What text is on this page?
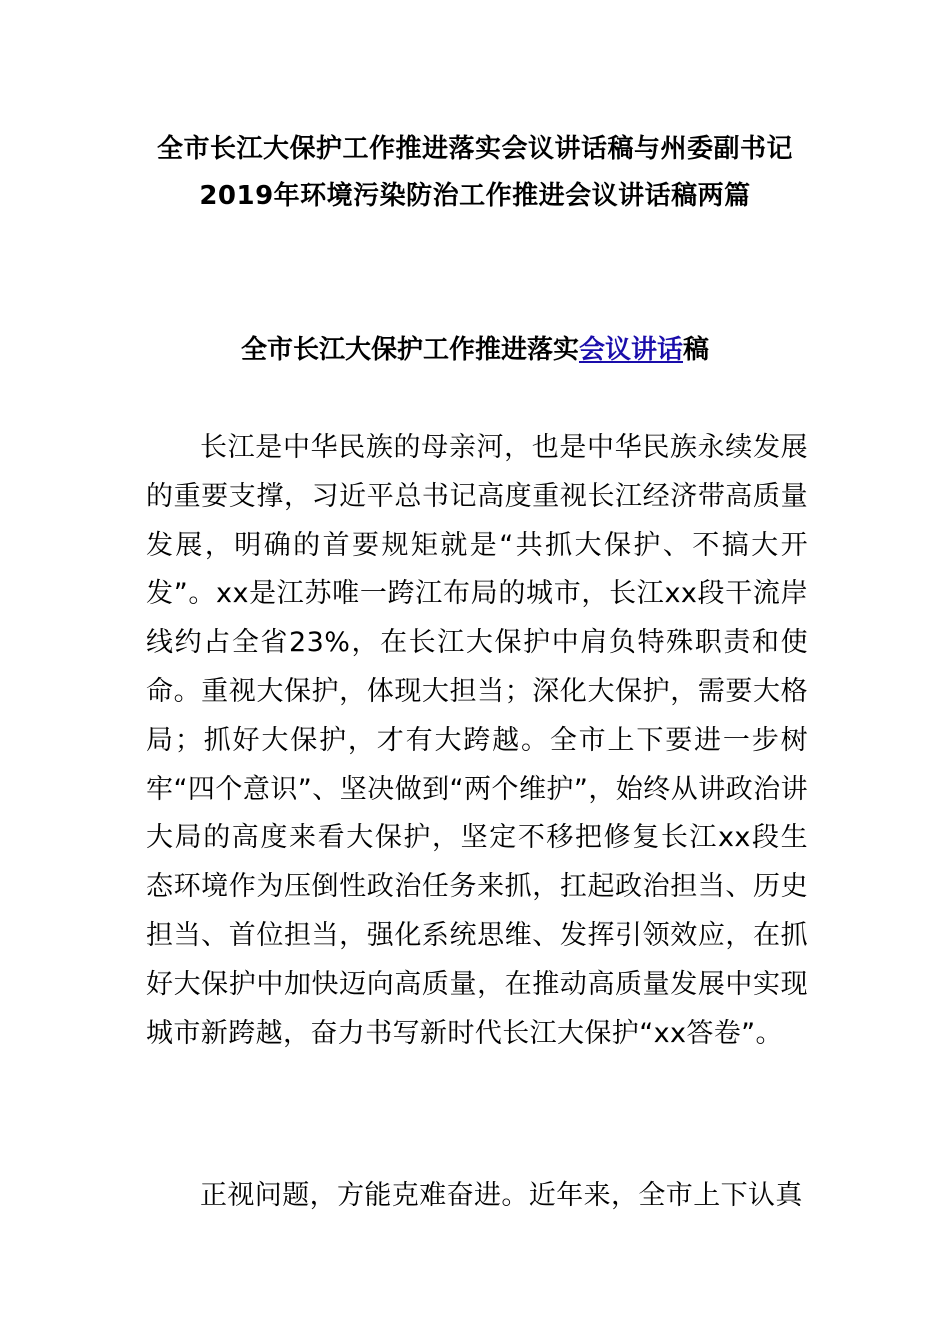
全市长江大保护工作推进落实会议讲话稿与州委副书记2019年环境污染防治工作推进会议讲话稿两篇
全市长江大保护工作推进落实会议讲话稿

长江是中华民族的母亲河，也是中华民族永续发展的重要支撑，习近平总书记高度重视长江经济带高质量发展，明确的首要规矩就是“共抓大保护、不搞大开发”。xx是江苏唯一跨江布局的城市，长江xx段干流岸线约占全省23%，在长江大保护中肩负特殊职责和使命。重视大保护，体现大担当；深化大保护，需要大格局；抓好大保护，才有大跨越。全市上下要进一步树牢“四个意识”、坚决做到“两个维护”，始终从讲政治讲大局的高度来看大保护，坚定不移把修复长江xx段生态环境作为压倒性政治任务来抓，扛起政治担当、历史担当、首位担当，强化系统思维、发挥引领效应，在抓好大保护中加快迈向高质量，在推动高质量发展中实现城市新跨越，奋力书写新时代长江大保护“xx答卷”。

正视问题，方能克难奋进。近年来，全市上下认真
